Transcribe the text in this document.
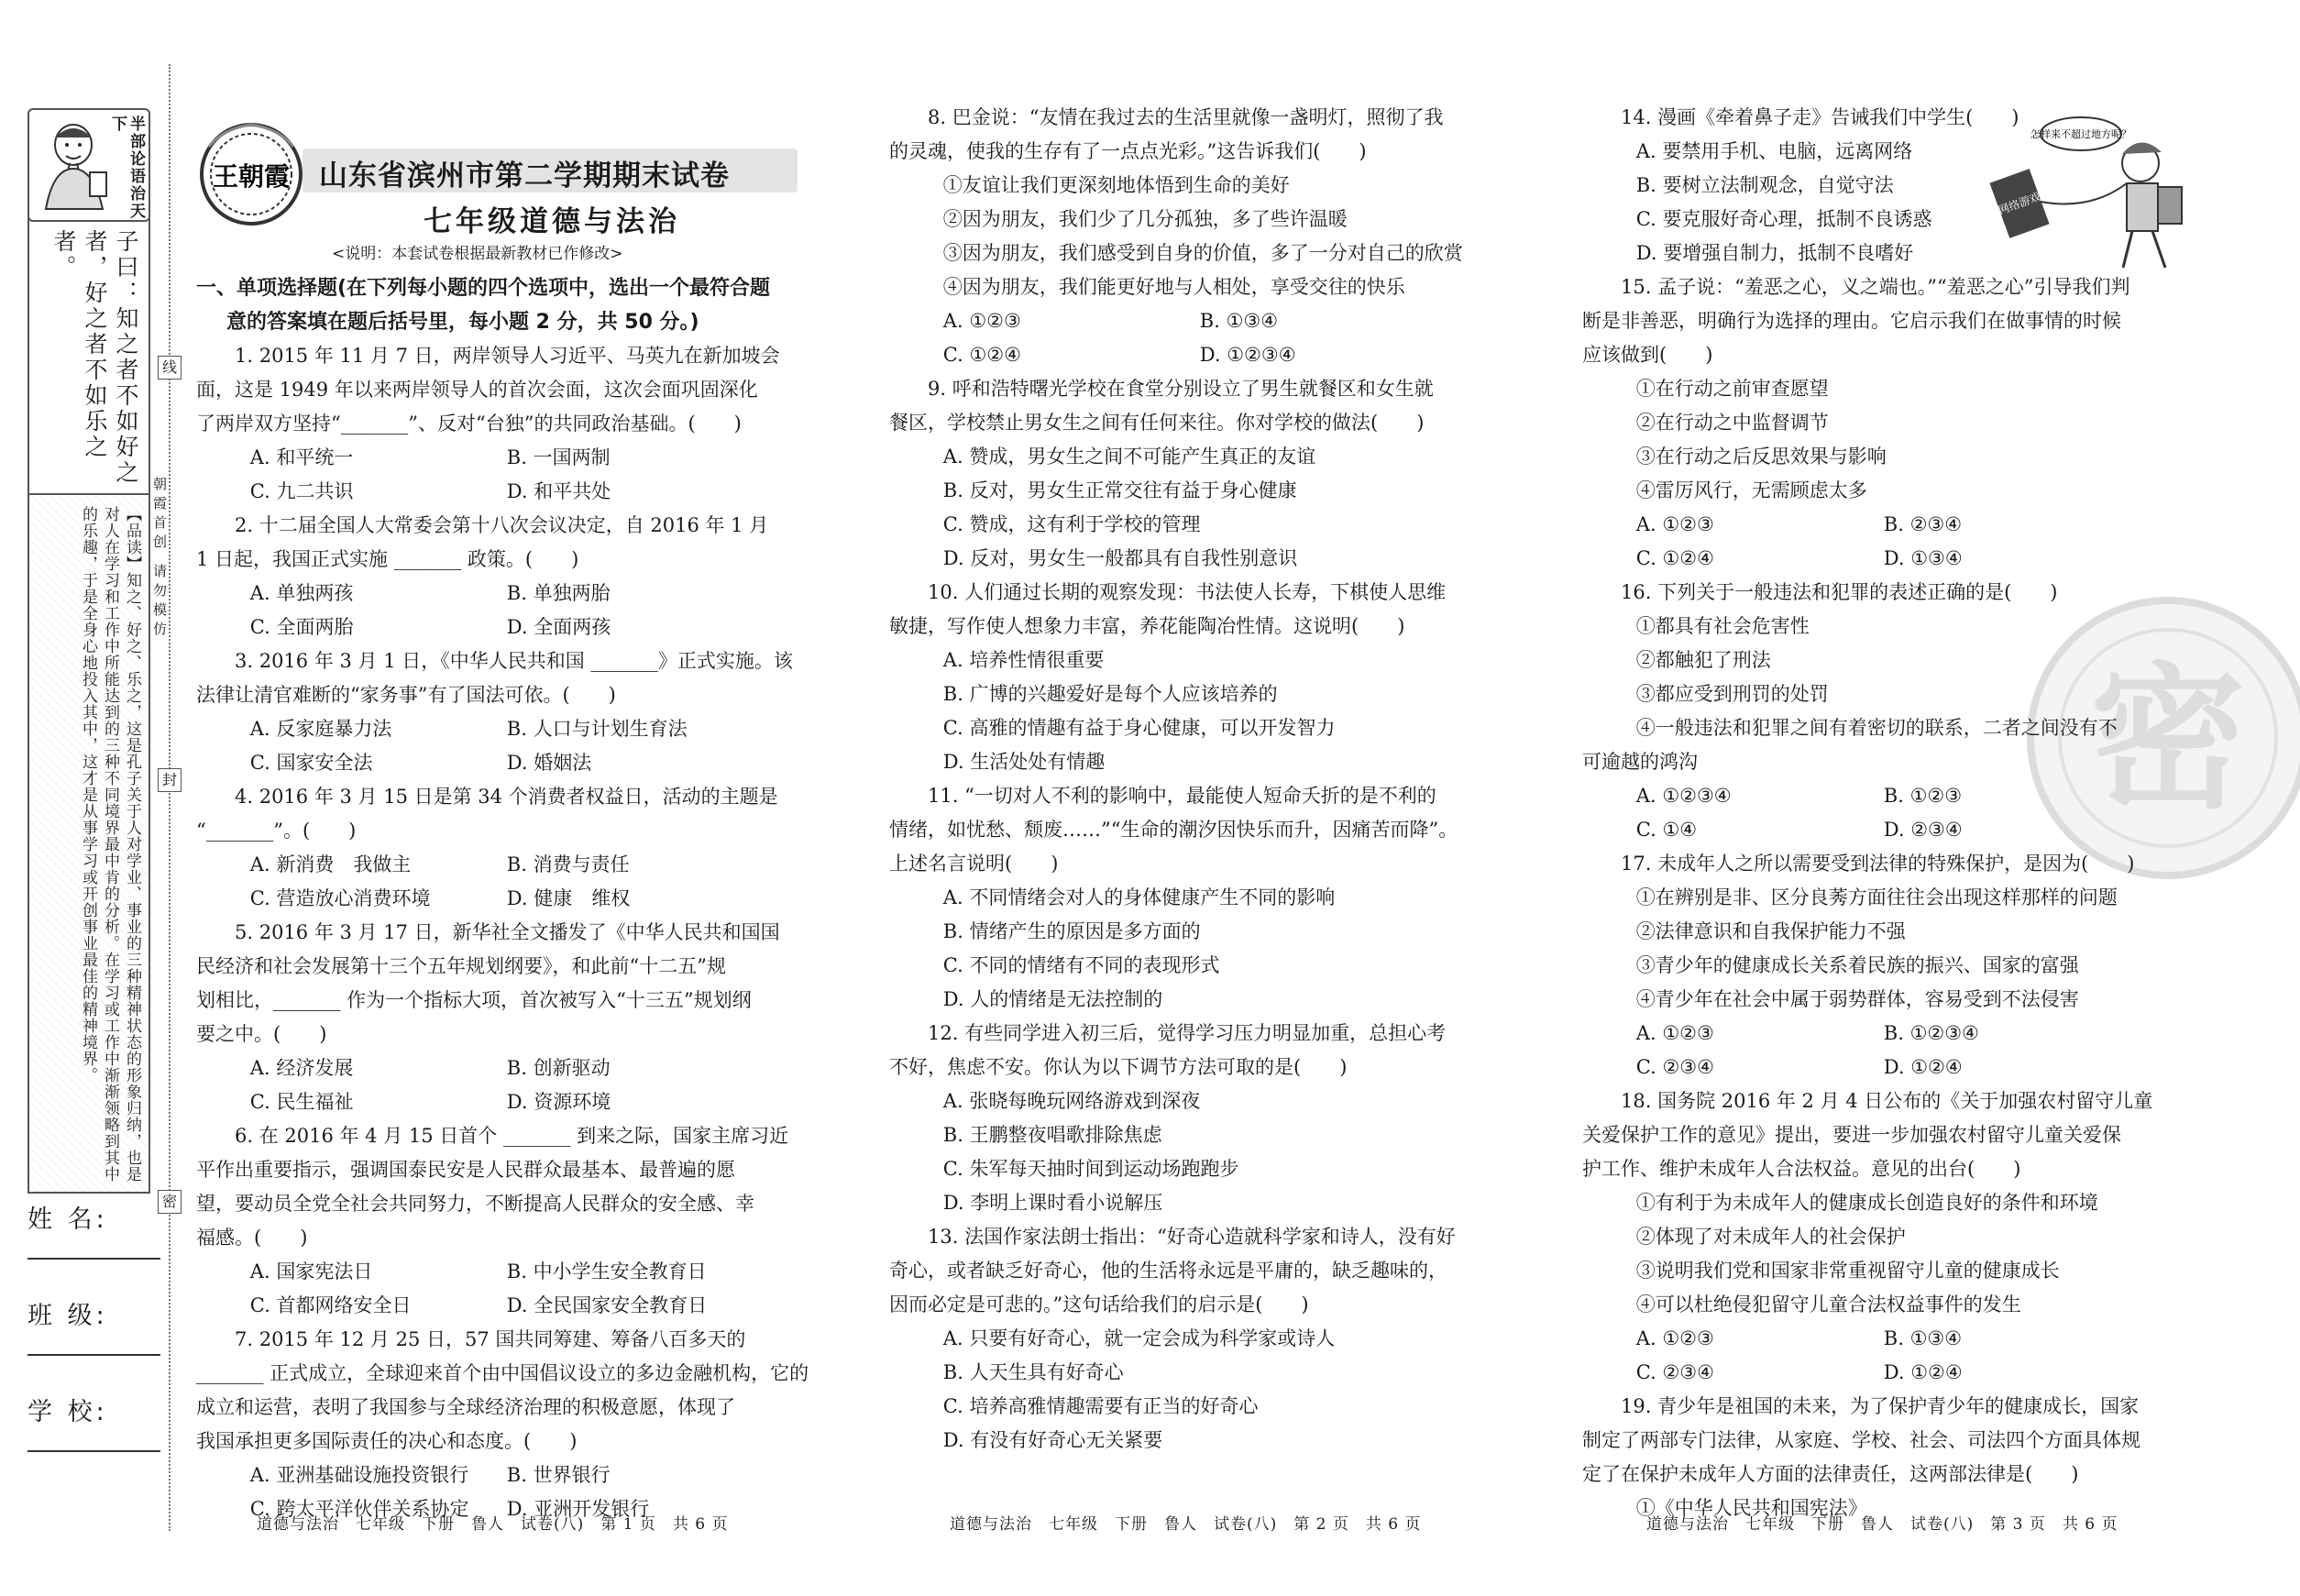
半部论语治天下
子曰：知之者不如好之者，好之者不如乐之者。
【品读】知之、好之、乐之，这是孔子关于人对学业、事业的三种精神状态的形象归纳，也是对人在学习和工作中所能达到的三种不同境界最中肯的分析。在学习或工作中渐渐领略到其中的乐趣，于是全身心地投入其中，这才是从事学习或开创事业最佳的精神境界。
姓 名:
班 级:
学 校:
线
封
密
朝霞首创 请勿模仿
王朝霞 山东省滨州市第二学期期末试卷
七年级道德与法治
<说明：本套试卷根据最新教材已作修改>

一、单项选择题(在下列每小题的四个选项中，选出一个最符合题

意的答案填在题后括号里，每小题 2 分，共 50 分。)

1. 2015 年 11 月 7 日，两岸领导人习近平、马英九在新加坡会

面，这是 1949 年以来两岸领导人的首次会面，这次会面巩固深化

了两岸双方坚持“_______”、反对“台独”的共同政治基础。(　　)

A. 和平统一	B. 一国两制

C. 九二共识	D. 和平共处

2. 十二届全国人大常委会第十八次会议决定，自 2016 年 1 月

1 日起，我国正式实施 _______ 政策。(　　)

A. 单独两孩	B. 单独两胎

C. 全面两胎	D. 全面两孩

3. 2016 年 3 月 1 日，《中华人民共和国 _______》正式实施。该

法律让清官难断的“家务事”有了国法可依。(　　)

A. 反家庭暴力法	B. 人口与计划生育法

C. 国家安全法	D. 婚姻法

4. 2016 年 3 月 15 日是第 34 个消费者权益日，活动的主题是

“_______”。(　　)

A. 新消费　我做主	B. 消费与责任

C. 营造放心消费环境	D. 健康　维权

5. 2016 年 3 月 17 日，新华社全文播发了《中华人民共和国国

民经济和社会发展第十三个五年规划纲要》，和此前“十二五”规

划相比，_______ 作为一个指标大项，首次被写入“十三五”规划纲

要之中。(　　)

A. 经济发展	B. 创新驱动

C. 民生福祉	D. 资源环境

6. 在 2016 年 4 月 15 日首个 _______ 到来之际，国家主席习近

平作出重要指示，强调国泰民安是人民群众最基本、最普遍的愿

望，要动员全党全社会共同努力，不断提高人民群众的安全感、幸

福感。(　　)

A. 国家宪法日	B. 中小学生安全教育日

C. 首都网络安全日	D. 全民国家安全教育日

7. 2015 年 12 月 25 日，57 国共同筹建、筹备八百多天的

_______ 正式成立，全球迎来首个由中国倡议设立的多边金融机构，它的

成立和运营，表明了我国参与全球经济治理的积极意愿，体现了

我国承担更多国际责任的决心和态度。(　　)

A. 亚洲基础设施投资银行	B. 世界银行

C. 跨太平洋伙伴关系协定	D. 亚洲开发银行

道德与法治　七年级　下册　鲁人　试卷(八)　第 1 页　共 6 页

8. 巴金说：“友情在我过去的生活里就像一盏明灯，照彻了我

的灵魂，使我的生存有了一点点光彩。”这告诉我们(　　)

①友谊让我们更深刻地体悟到生命的美好

②因为朋友，我们少了几分孤独，多了些许温暖

③因为朋友，我们感受到自身的价值，多了一分对自己的欣赏

④因为朋友，我们能更好地与人相处，享受交往的快乐

A. ①②③	B. ①③④

C. ①②④	D. ①②③④

9. 呼和浩特曙光学校在食堂分别设立了男生就餐区和女生就

餐区，学校禁止男女生之间有任何来往。你对学校的做法(　　)

A. 赞成，男女生之间不可能产生真正的友谊

B. 反对，男女生正常交往有益于身心健康

C. 赞成，这有利于学校的管理

D. 反对，男女生一般都具有自我性别意识

10. 人们通过长期的观察发现：书法使人长寿，下棋使人思维

敏捷，写作使人想象力丰富，养花能陶冶性情。这说明(　　)

A. 培养性情很重要

B. 广博的兴趣爱好是每个人应该培养的

C. 高雅的情趣有益于身心健康，可以开发智力

D. 生活处处有情趣

11. “一切对人不利的影响中，最能使人短命夭折的是不利的

情绪，如忧愁、颓废……”“生命的潮汐因快乐而升，因痛苦而降”。

上述名言说明(　　)

A. 不同情绪会对人的身体健康产生不同的影响

B. 情绪产生的原因是多方面的

C. 不同的情绪有不同的表现形式

D. 人的情绪是无法控制的

12. 有些同学进入初三后，觉得学习压力明显加重，总担心考

不好，焦虑不安。你认为以下调节方法可取的是(　　)

A. 张晓每晚玩网络游戏到深夜

B. 王鹏整夜唱歌排除焦虑

C. 朱军每天抽时间到运动场跑跑步

D. 李明上课时看小说解压

13. 法国作家法朗士指出：“好奇心造就科学家和诗人，没有好

奇心，或者缺乏好奇心，他的生活将永远是平庸的，缺乏趣味的，

因而必定是可悲的。”这句话给我们的启示是(　　)

A. 只要有好奇心，就一定会成为科学家或诗人

B. 人天生具有好奇心

C. 培养高雅情趣需要有正当的好奇心

D. 有没有好奇心无关紧要

道德与法治　七年级　下册　鲁人　试卷(八)　第 2 页　共 6 页
密
怎样来不超过地方呢？
网络游戏

14. 漫画《牵着鼻子走》告诫我们中学生(　　)

A. 要禁用手机、电脑，远离网络

B. 要树立法制观念，自觉守法

C. 要克服好奇心理，抵制不良诱惑

D. 要增强自制力，抵制不良嗜好

15. 孟子说：“羞恶之心，义之端也。”“羞恶之心”引导我们判

断是非善恶，明确行为选择的理由。它启示我们在做事情的时候

应该做到(　　)

①在行动之前审查愿望

②在行动之中监督调节

③在行动之后反思效果与影响

④雷厉风行，无需顾虑太多

A. ①②③	B. ②③④

C. ①②④	D. ①③④

16. 下列关于一般违法和犯罪的表述正确的是(　　)

①都具有社会危害性

②都触犯了刑法

③都应受到刑罚的处罚

④一般违法和犯罪之间有着密切的联系，二者之间没有不

可逾越的鸿沟

A. ①②③④	B. ①②③

C. ①④	D. ②③④

17. 未成年人之所以需要受到法律的特殊保护，是因为(　　)

①在辨别是非、区分良莠方面往往会出现这样那样的问题

②法律意识和自我保护能力不强

③青少年的健康成长关系着民族的振兴、国家的富强

④青少年在社会中属于弱势群体，容易受到不法侵害

A. ①②③	B. ①②③④

C. ②③④	D. ①②④

18. 国务院 2016 年 2 月 4 日公布的《关于加强农村留守儿童

关爱保护工作的意见》提出，要进一步加强农村留守儿童关爱保

护工作、维护未成年人合法权益。意见的出台(　　)

①有利于为未成年人的健康成长创造良好的条件和环境

②体现了对未成年人的社会保护

③说明我们党和国家非常重视留守儿童的健康成长

④可以杜绝侵犯留守儿童合法权益事件的发生

A. ①②③	B. ①③④

C. ②③④	D. ①②④

19. 青少年是祖国的未来，为了保护青少年的健康成长，国家

制定了两部专门法律，从家庭、学校、社会、司法四个方面具体规

定了在保护未成年人方面的法律责任，这两部法律是(　　)

①《中华人民共和国宪法》

道德与法治　七年级　下册　鲁人　试卷(八)　第 3 页　共 6 页
